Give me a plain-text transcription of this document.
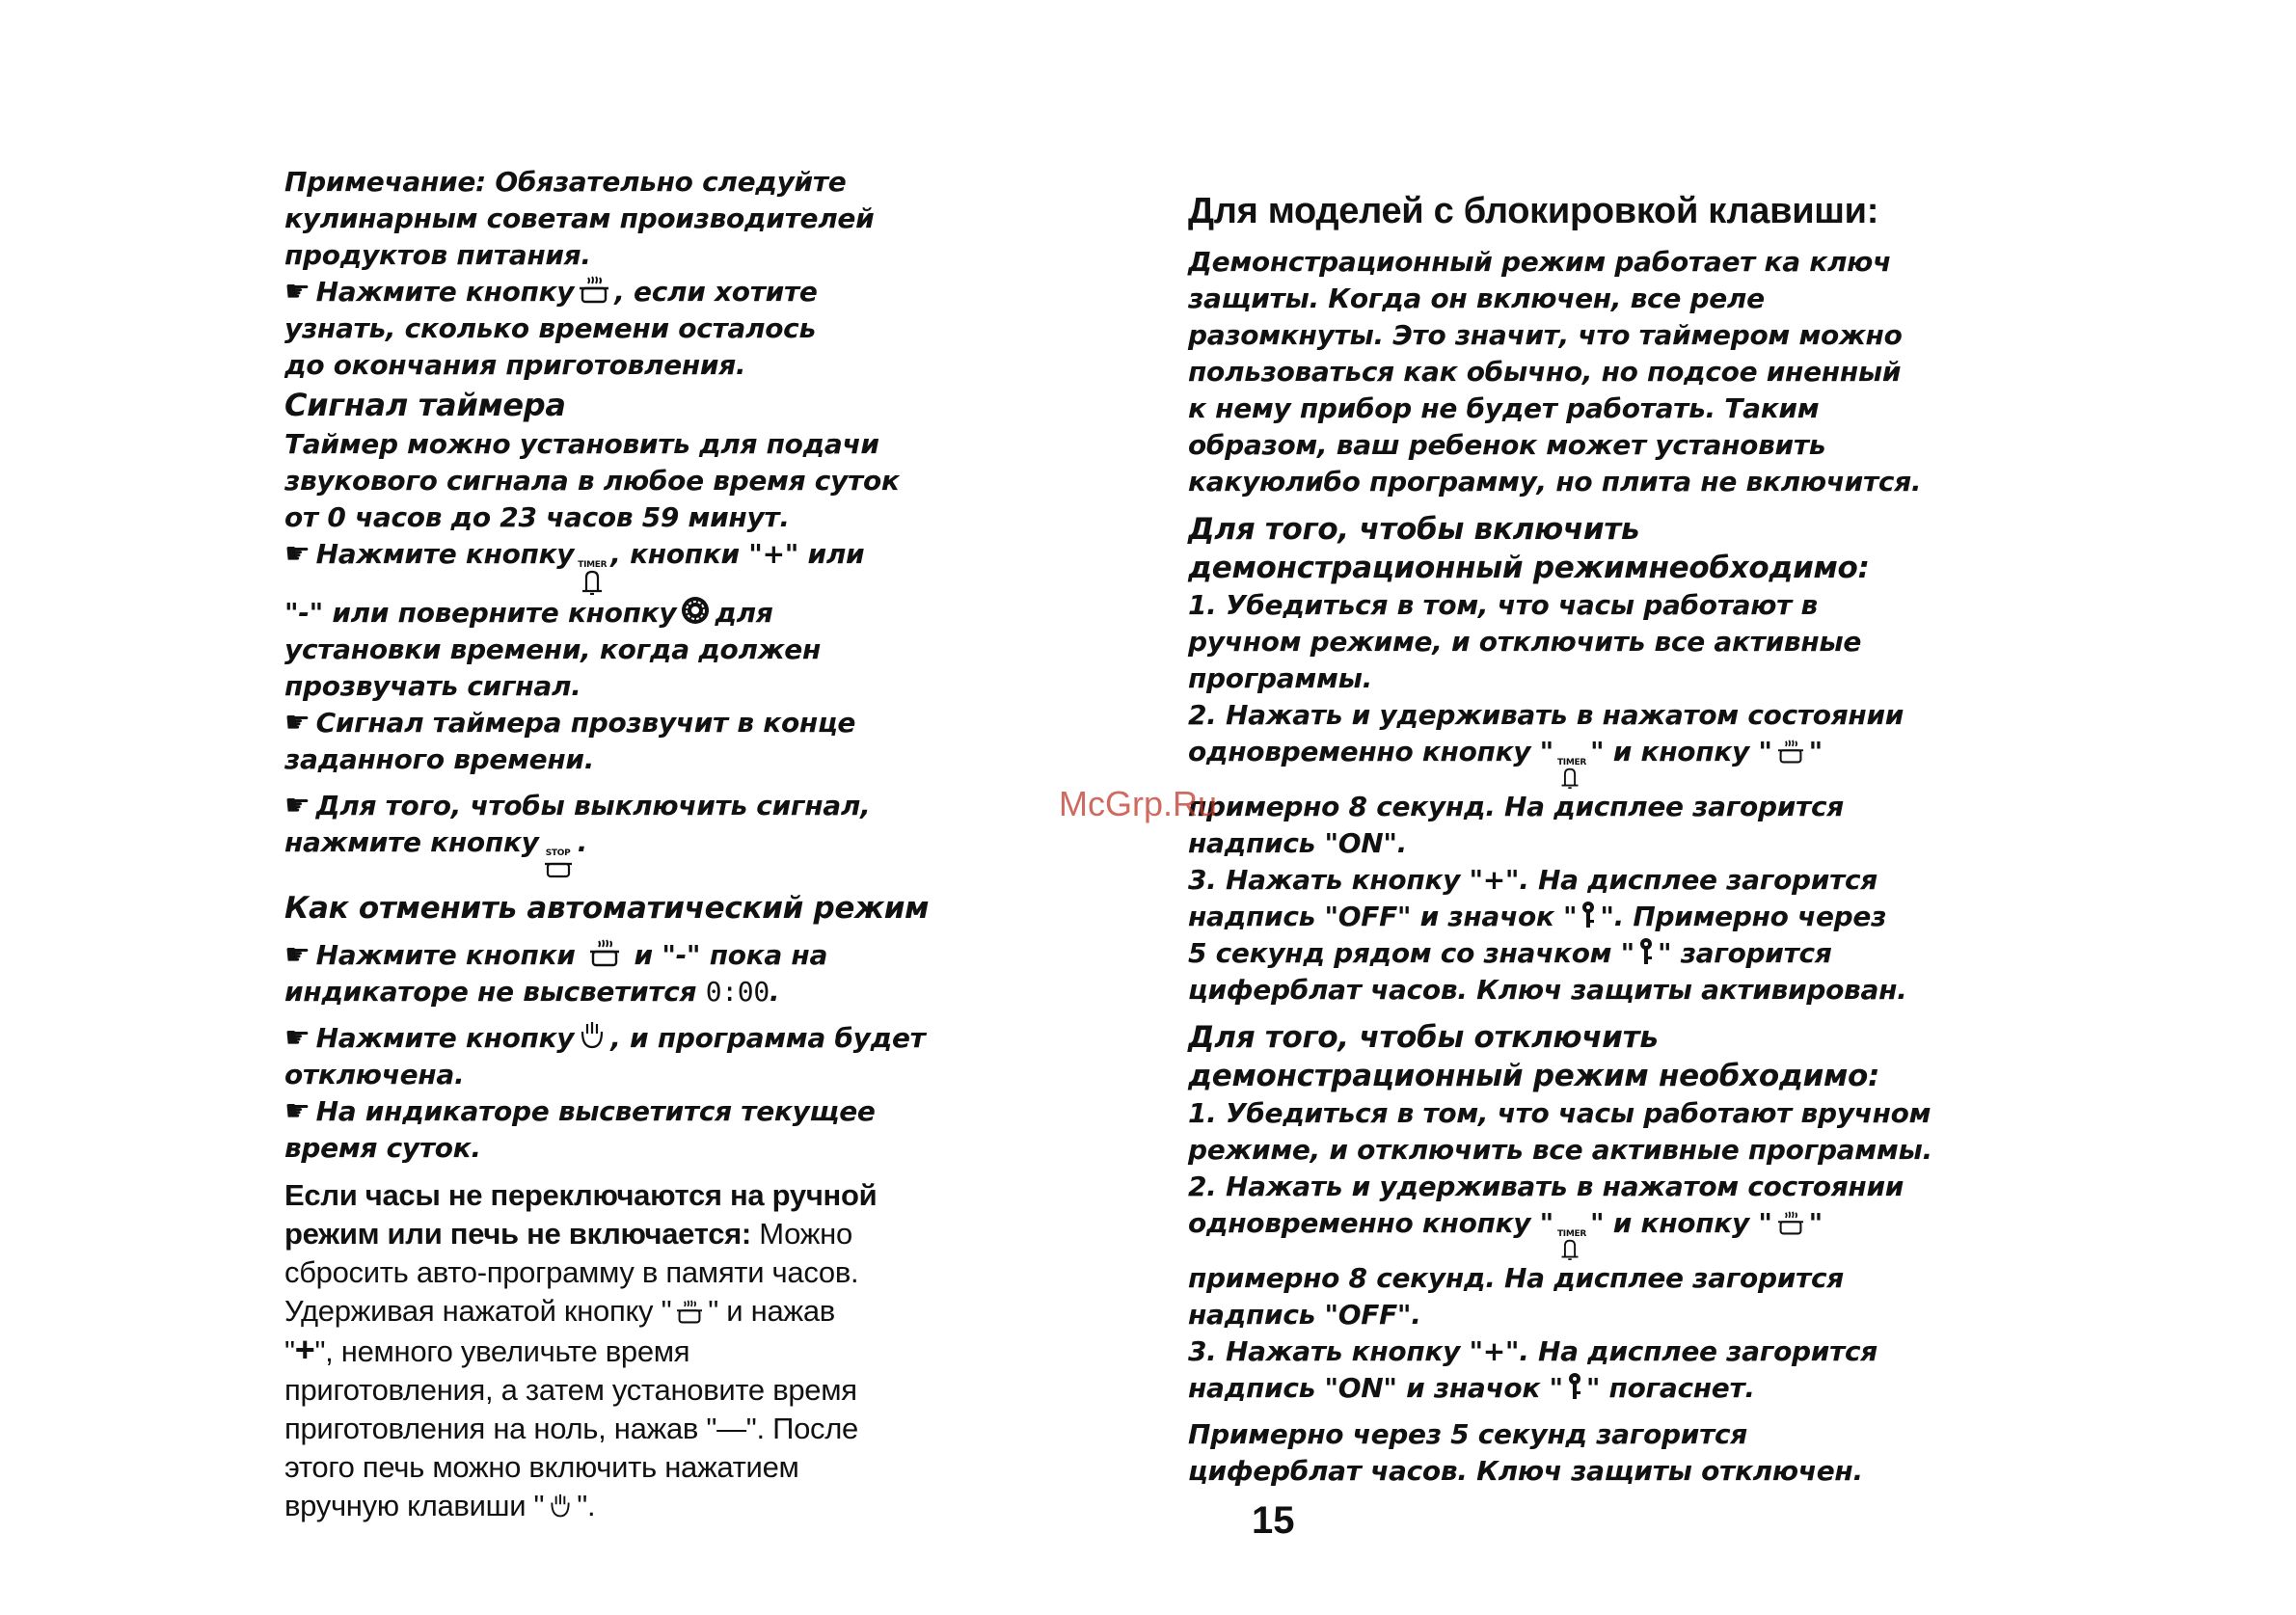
Примечание: Обязательно следуйте
кулинарным советам производителей
продуктов питания.
☛ Нажмите кнопку , если хотите
узнать, сколько времени осталось
до окончания приготовления.
Сигнал таймера
Таймер можно установить для подачи
звукового сигнала в любое время суток
от 0 часов до 23 часов 59 минут.
☛ Нажмите кнопку TIMER , кнопки "+" или
"-" или поверните кнопку для
установки времени, когда должен
прозвучать сигнал.
☛ Сигнал таймера прозвучит в конце
заданного времени.
☛ Для того, чтобы выключить сигнал,
нажмите кнопку STOP .
Как отменить автоматический режим
☛ Нажмите кнопки и "-" пока на
индикаторе не высветится 0:00.
☛ Нажмите кнопку , и программа будет
отключена.
☛ На индикаторе высветится текущее
время суток.
Если часы не переключаются на ручной
режим или печь не включается: Можно
сбросить авто-программу в памяти часов.
Удерживая нажатой кнопку " " и нажав
"+", немного увеличьте время
приготовления, а затем установите время
приготовления на ноль, нажав "—". После
этого печь можно включить нажатием
вручную клавиши " ".
Для моделей с блокировкой клавиши:
Демонстрационный режим работает ка ключ
защиты. Когда он включен, все реле
разомкнуты. Это значит, что таймером можно
пользоваться как обычно, но подсое иненный
к нему прибор не будет работать. Таким
образом, ваш ребенок может установить
какуюлибо программу, но плита не включится.
Для того, чтобы включить
демонстрационный режимнеобходимо:
1. Убедиться в том, что часы работают в
ручном режиме, и отключить все активные
программы.
2. Нажать и удерживать в нажатом состоянии
одновременно кнопку " TIMER " и кнопку " "
примерно 8 секунд. На дисплее загорится
надпись "ON".
3. Нажать кнопку "+". На дисплее загорится
надпись "OFF" и значок " ". Примерно через
5 секунд рядом со значком " " загорится
циферблат часов. Ключ защиты активирован.
Для того, чтобы отключить
демонстрационный режим необходимо:
1. Убедиться в том, что часы работают вручном
режиме, и отключить все активные программы.
2. Нажать и удерживать в нажатом состоянии
одновременно кнопку " TIMER " и кнопку " "
примерно 8 секунд. На дисплее загорится
надпись "OFF".
3. Нажать кнопку "+". На дисплее загорится
надпись "ON" и значок " " погаснет.
Примерно через 5 секунд загорится
циферблат часов. Ключ защиты отключен.
McGrp.Ru
15
